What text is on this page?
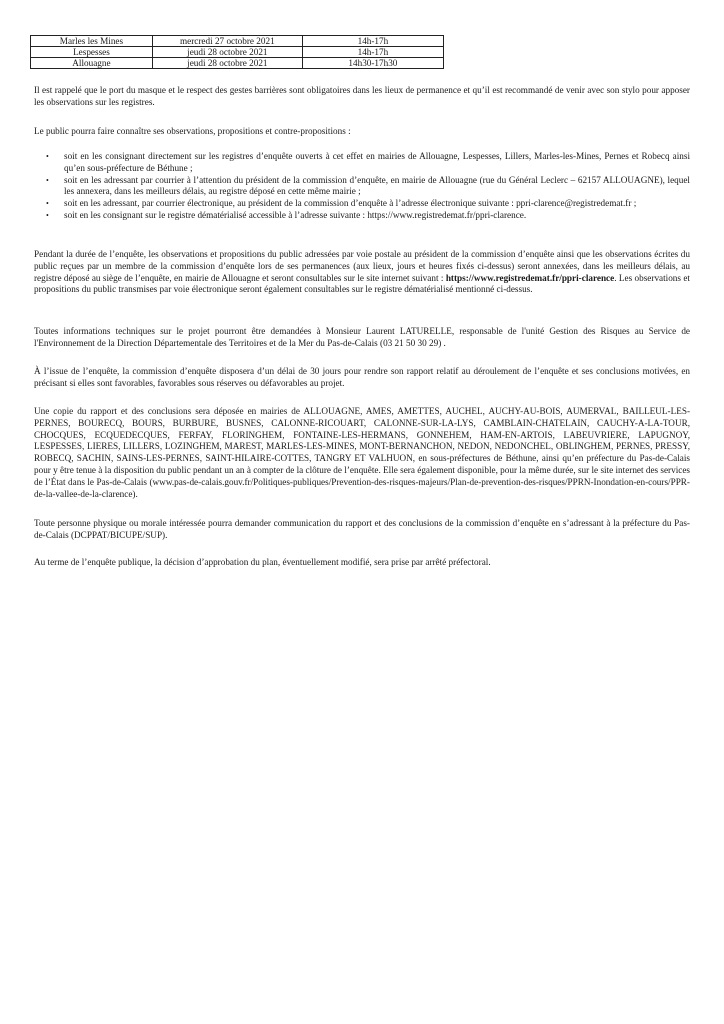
Marles les Mines	mercredi 27 octobre 2021	14h-17h
Lespesses	jeudi 28 octobre 2021	14h-17h
Allouagne	jeudi 28 octobre 2021	14h30-17h30

Il est rappelé que le port du masque et le respect des gestes barrières sont obligatoires dans les lieux de permanence et qu’il est recommandé de venir avec son stylo pour apposer les observations sur les registres.

Le public pourra faire connaître ses observations, propositions et contre-propositions :

• soit en les consignant directement sur les registres d’enquête ouverts à cet effet en mairies de Allouagne, Lespesses, Lillers, Marles-les-Mines, Pernes et Robecq ainsi qu’en sous-préfecture de Béthune ;
• soit en les adressant par courrier à l’attention du président de la commission d’enquête, en mairie de Allouagne (rue du Général Leclerc – 62157 ALLOUAGNE), lequel les annexera, dans les meilleurs délais, au registre déposé en cette même mairie ;
• soit en les adressant, par courrier électronique, au président de la commission d’enquête à l’adresse électronique suivante : ppri-clarence@registredemat.fr ;
• soit en les consignant sur le registre dématérialisé accessible à l’adresse suivante : https://www.registredemat.fr/ppri-clarence.

Pendant la durée de l’enquête, les observations et propositions du public adressées par voie postale au président de la commission d’enquête ainsi que les observations écrites du public reçues par un membre de la commission d’enquête lors de ses permanences (aux lieux, jours et heures fixés ci-dessus) seront annexées, dans les meilleurs délais, au registre déposé au siège de l’enquête, en mairie de Allouagne et seront consultables sur le site internet suivant : https://www.registredemat.fr/ppri-clarence. Les observations et propositions du public transmises par voie électronique seront également consultables sur le registre dématérialisé mentionné ci-dessus.

Toutes informations techniques sur le projet pourront être demandées à Monsieur Laurent LATURELLE, responsable de l'unité Gestion des Risques au Service de l'Environnement de la Direction Départementale des Territoires et de la Mer du Pas-de-Calais (03 21 50 30 29) .

À l’issue de l’enquête, la commission d’enquête disposera d’un délai de 30 jours pour rendre son rapport relatif au déroulement de l’enquête et ses conclusions motivées, en précisant si elles sont favorables, favorables sous réserves ou défavorables au projet.

Une copie du rapport et des conclusions sera déposée en mairies de ALLOUAGNE, AMES, AMETTES, AUCHEL, AUCHY-AU-BOIS, AUMERVAL, BAILLEUL-LES-PERNES, BOURECQ, BOURS, BURBURE, BUSNES, CALONNE-RICOUART, CALONNE-SUR-LA-LYS, CAMBLAIN-CHATELAIN, CAUCHY-A-LA-TOUR, CHOCQUES, ECQUEDECQUES, FERFAY, FLORINGHEM, FONTAINE-LES-HERMANS, GONNEHEM, HAM-EN-ARTOIS, LABEUVRIERE, LAPUGNOY, LESPESSES, LIERES, LILLERS, LOZINGHEM, MAREST, MARLES-LES-MINES, MONT-BERNANCHON, NEDON, NEDONCHEL, OBLINGHEM, PERNES, PRESSY, ROBECQ, SACHIN, SAINS-LES-PERNES, SAINT-HILAIRE-COTTES, TANGRY ET VALHUON, en sous-préfectures de Béthune, ainsi qu’en préfecture du Pas-de-Calais pour y être tenue à la disposition du public pendant un an à compter de la clôture de l’enquête. Elle sera également disponible, pour la même durée, sur le site internet des services de l’État dans le Pas-de-Calais (www.pas-de-calais.gouv.fr/Politiques-publiques/Prevention-des-risques-majeurs/Plan-de-prevention-des-risques/PPRN-Inondation-en-cours/PPR-de-la-vallee-de-la-clarence).

Toute personne physique ou morale intéressée pourra demander communication du rapport et des conclusions de la commission d’enquête en s’adressant à la préfecture du Pas-de-Calais (DCPPAT/BICUPE/SUP).

Au terme de l’enquête publique, la décision d’approbation du plan, éventuellement modifié, sera prise par arrêté préfectoral.
